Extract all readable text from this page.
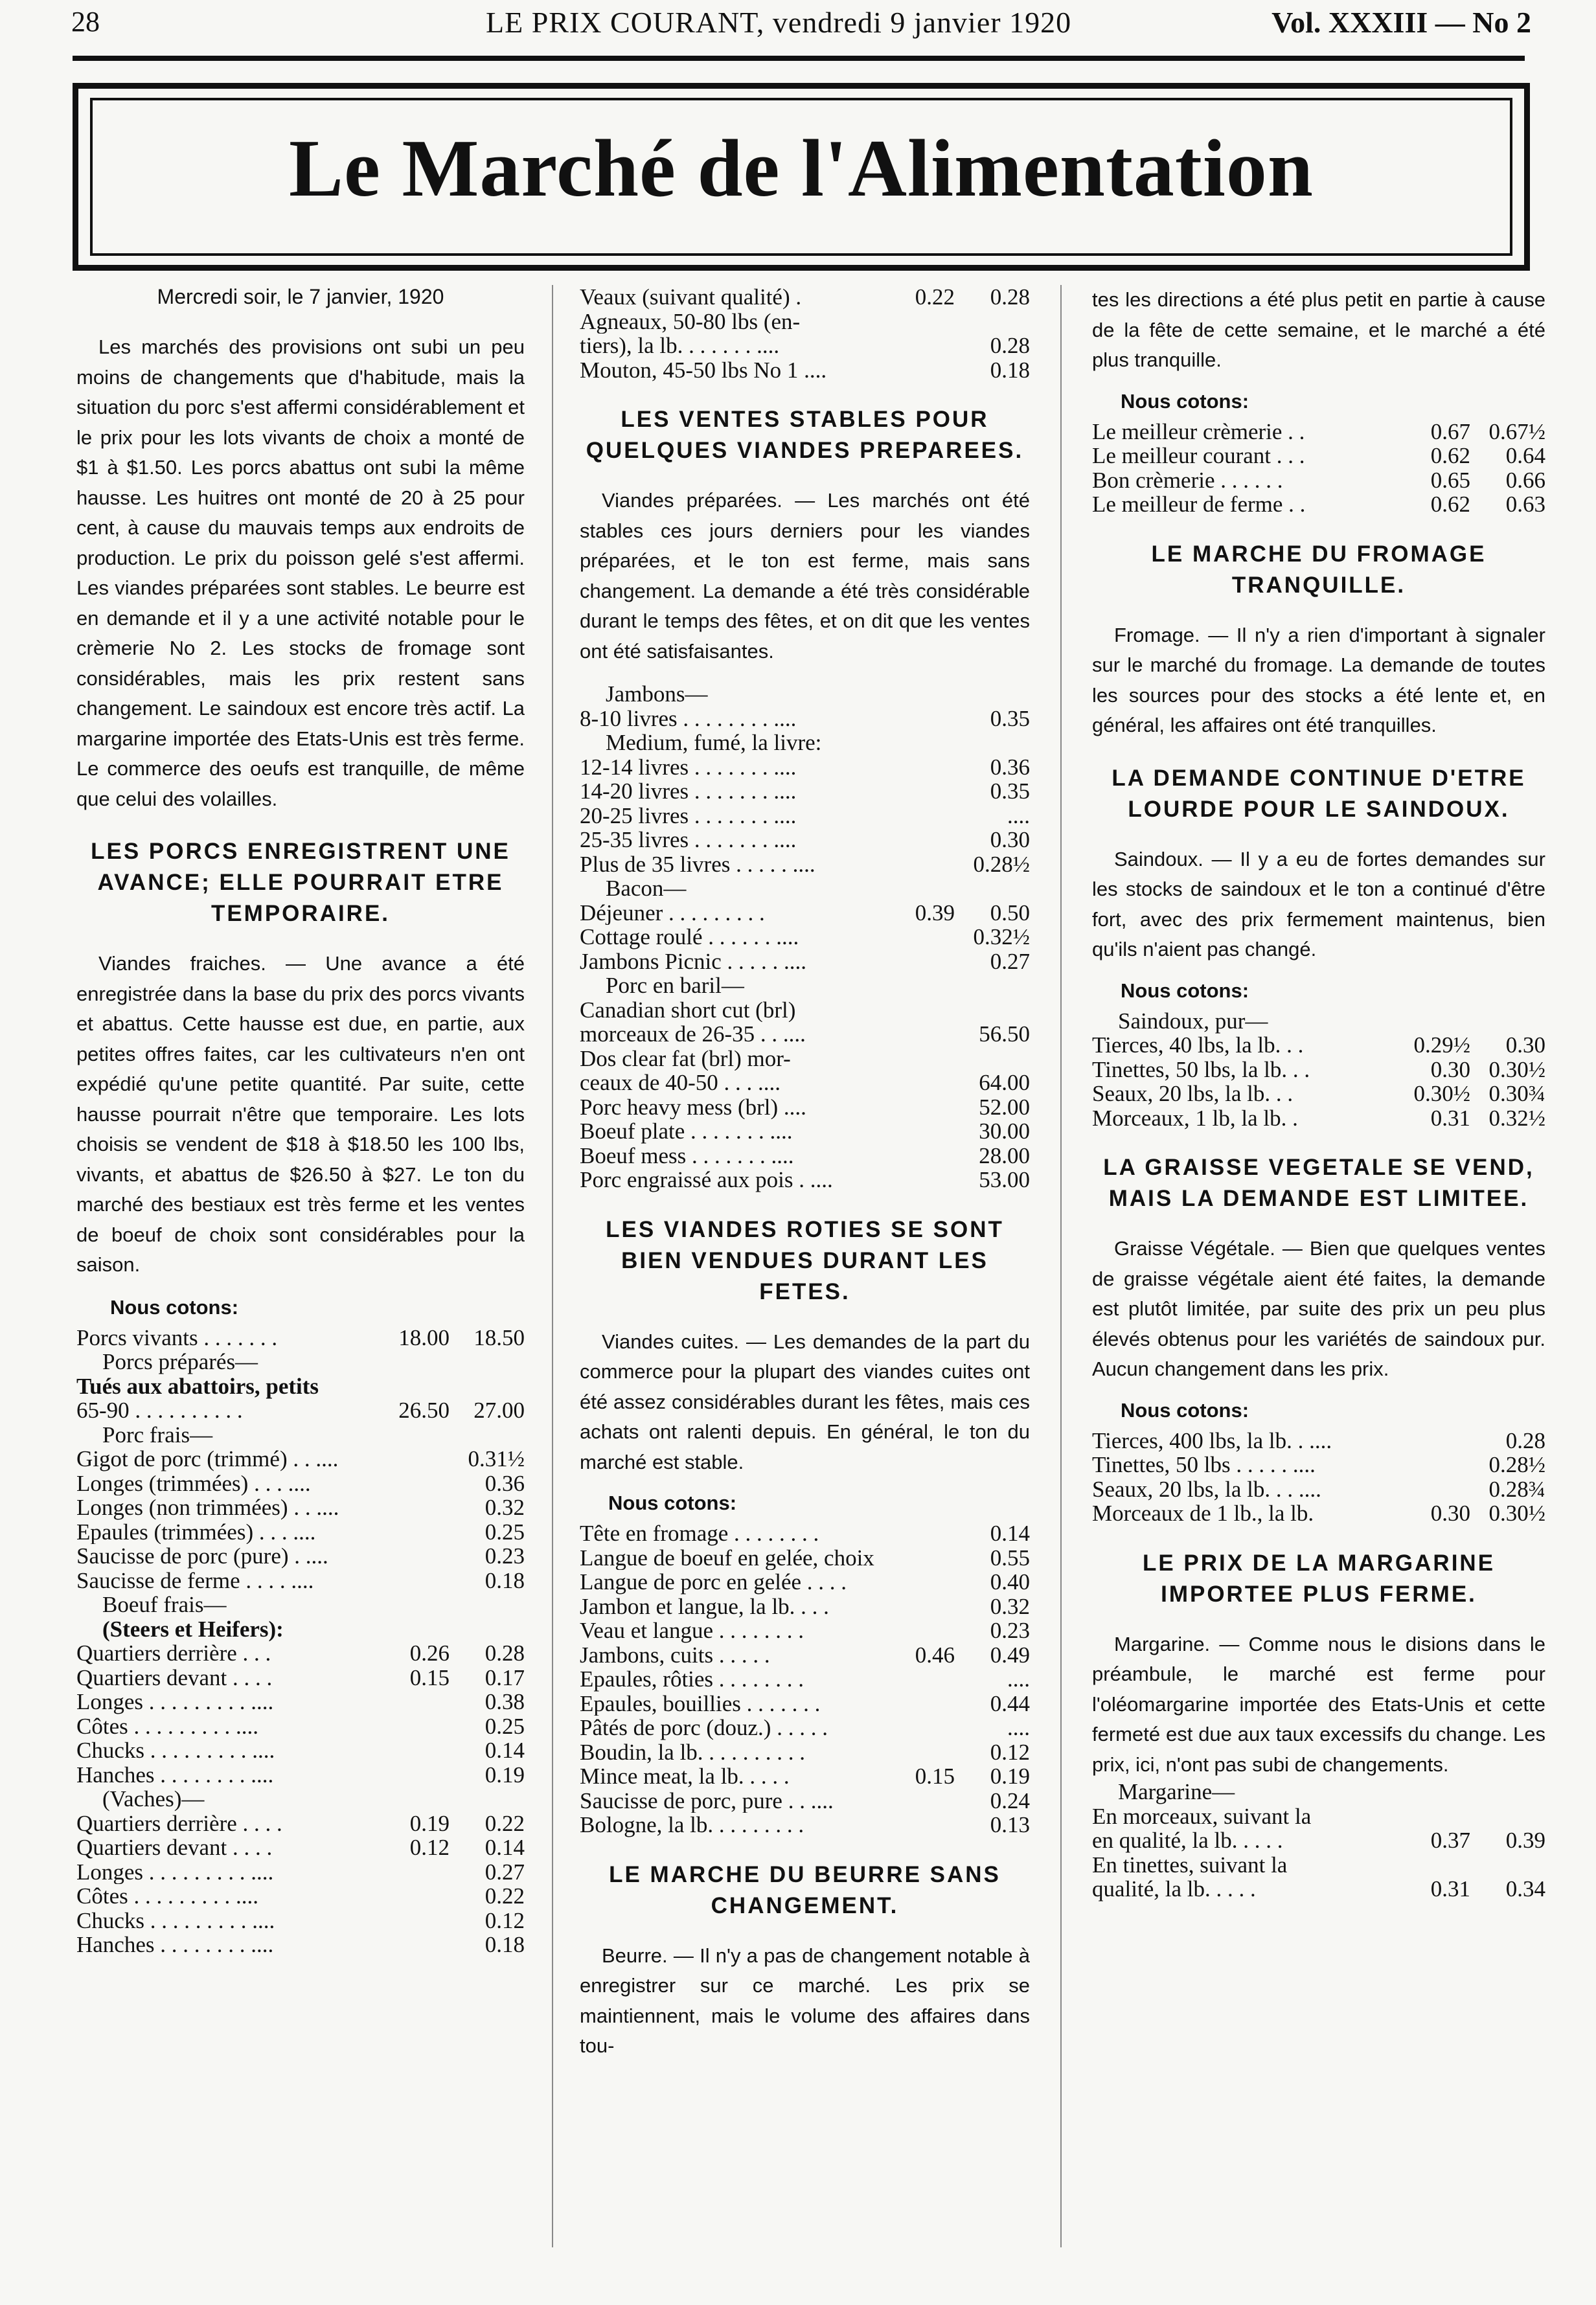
28	LE PRIX COURANT, vendredi 9 janvier 1920	Vol. XXXIII — No 2
Le Marché de l'Alimentation

Mercredi soir, le 7 janvier, 1920

Les marchés des provisions ont subi un peu moins de changements que d'habitude, mais la situation du porc s'est affermi considérablement et le prix pour les lots vivants de choix a monté de $1 à $1.50. Les porcs abattus ont subi la même hausse. Les huitres ont monté de 20 à 25 pour cent, à cause du mauvais temps aux endroits de production. Le prix du poisson gelé s'est affermi. Les viandes préparées sont stables. Le beurre est en demande et il y a une activité notable pour le crèmerie No 2. Les stocks de fromage sont considérables, mais les prix restent sans changement. Le saindoux est encore très actif. La margarine importée des Etats-Unis est très ferme. Le commerce des oeufs est tranquille, de même que celui des volailles.

LES PORCS ENREGISTRENT UNE AVANCE; ELLE POURRAIT ETRE TEMPORAIRE.

Viandes fraiches. — Une avance a été enregistrée dans la base du prix des porcs vivants et abattus. Cette hausse est due, en partie, aux petites offres faites, car les cultivateurs n'en ont expédié qu'une petite quantité. Par suite, cette hausse pourrait n'être que temporaire. Les lots choisis se vendent de $18 à $18.50 les 100 lbs, vivants, et abattus de $26.50 à $27. Le ton du marché des bestiaux est très ferme et les ventes de boeuf de choix sont considérables pour la saison.

Nous cotons:
Porcs vivants . . . . . . .	18.00	18.50
Porcs préparés—
Tués aux abattoirs, petits
65-90 . . . . . . . . . .	26.50	27.00
Porc frais—
Gigot de porc (trimmé) . . ....		0.31½
Longes (trimmées) . . . ....		0.36
Longes (non trimmées) . . ....		0.32
Epaules (trimmées) . . . ....		0.25
Saucisse de porc (pure) . ....		0.23
Saucisse de ferme . . . . ....		0.18
Boeuf frais—
(Steers et Heifers):
Quartiers derrière . . .	0.26	0.28
Quartiers devant . . . .	0.15	0.17
Longes . . . . . . . . . ....		0.38
Côtes . . . . . . . . . ....		0.25
Chucks . . . . . . . . . ....		0.14
Hanches . . . . . . . . ....		0.19
(Vaches)—
Quartiers derrière . . . .	0.19	0.22
Quartiers devant . . . .	0.12	0.14
Longes . . . . . . . . . ....		0.27
Côtes . . . . . . . . . ....		0.22
Chucks . . . . . . . . . ....		0.12
Hanches . . . . . . . . ....		0.18
Veaux (suivant qualité) .	0.22	0.28
Agneaux, 50-80 lbs (en-		
tiers), la lb. . . . . . . ....		0.28
Mouton, 45-50 lbs No 1 ....		0.18
LES VENTES STABLES POUR QUELQUES VIANDES PREPAREES.

Viandes préparées. — Les marchés ont été stables ces jours derniers pour les viandes préparées, et le ton est ferme, mais sans changement. La demande a été très considérable durant le temps des fêtes, et on dit que les ventes ont été satisfaisantes.

Jambons—
8-10 livres . . . . . . . . ....		0.35
Medium, fumé, la livre:
12-14 livres . . . . . . . ....		0.36
14-20 livres . . . . . . . ....		0.35
20-25 livres . . . . . . . ....		....
25-35 livres . . . . . . . ....		0.30
Plus de 35 livres . . . . . ....		0.28½
Bacon—
Déjeuner . . . . . . . . .	0.39	0.50
Cottage roulé . . . . . . ....		0.32½
Jambons Picnic . . . . . ....		0.27
Porc en baril—
Canadian short cut (brl)		
morceaux de 26-35 . . ....		56.50
Dos clear fat (brl) mor-		
ceaux de 40-50 . . . ....		64.00
Porc heavy mess (brl) ....		52.00
Boeuf plate . . . . . . . ....		30.00
Boeuf mess . . . . . . . ....		28.00
Porc engraissé aux pois . ....		53.00
LES VIANDES ROTIES SE SONT BIEN VENDUES DURANT LES FETES.

Viandes cuites. — Les demandes de la part du commerce pour la plupart des viandes cuites ont été assez considérables durant les fêtes, mais ces achats ont ralenti depuis. En général, le ton du marché est stable.

Nous cotons:
Tête en fromage . . . . . . . .		0.14
Langue de boeuf en gelée, choix		0.55
Langue de porc en gelée . . . .		0.40
Jambon et langue, la lb. . . .		0.32
Veau et langue . . . . . . . .		0.23
Jambons, cuits . . . . .	0.46	0.49
Epaules, rôties . . . . . . . .		....
Epaules, bouillies . . . . . . .		0.44
Pâtés de porc (douz.) . . . . .		....
Boudin, la lb. . . . . . . . . .		0.12
Mince meat, la lb. . . . .	0.15	0.19
Saucisse de porc, pure . . ....		0.24
Bologne, la lb. . . . . . . . .		0.13
LE MARCHE DU BEURRE SANS CHANGEMENT.

Beurre. — Il n'y a pas de changement notable à enregistrer sur ce marché. Les prix se maintiennent, mais le volume des affaires dans tou-

tes les directions a été plus petit en partie à cause de la fête de cette semaine, et le marché a été plus tranquille.

Nous cotons:
Le meilleur crèmerie . .	0.67	0.67½
Le meilleur courant . . .	0.62	0.64
Bon crèmerie . . . . . .	0.65	0.66
Le meilleur de ferme . .	0.62	0.63
LE MARCHE DU FROMAGE TRANQUILLE.

Fromage. — Il n'y a rien d'important à signaler sur le marché du fromage. La demande de toutes les sources pour des stocks a été lente et, en général, les affaires ont été tranquilles.

LA DEMANDE CONTINUE D'ETRE LOURDE POUR LE SAINDOUX.

Saindoux. — Il y a eu de fortes demandes sur les stocks de saindoux et le ton a continué d'être fort, avec des prix fermement maintenus, bien qu'ils n'aient pas changé.

Nous cotons:
Saindoux, pur—
Tierces, 40 lbs, la lb. . .	0.29½	0.30
Tinettes, 50 lbs, la lb. . .	0.30	0.30½
Seaux, 20 lbs, la lb. . .	0.30½	0.30¾
Morceaux, 1 lb, la lb. .	0.31	0.32½
LA GRAISSE VEGETALE SE VEND, MAIS LA DEMANDE EST LIMITEE.

Graisse Végétale. — Bien que quelques ventes de graisse végétale aient été faites, la demande est plutôt limitée, par suite des prix un peu plus élevés obtenus pour les variétés de saindoux pur. Aucun changement dans les prix.

Nous cotons:
Tierces, 400 lbs, la lb. . ....		0.28
Tinettes, 50 lbs . . . . . ....		0.28½
Seaux, 20 lbs, la lb. . . ....		0.28¾
Morceaux de 1 lb., la lb.	0.30	0.30½
LE PRIX DE LA MARGARINE IMPORTEE PLUS FERME.

Margarine. — Comme nous le disions dans le préambule, le marché est ferme pour l'oléomargarine importée des Etats-Unis et cette fermeté est due aux taux excessifs du change. Les prix, ici, n'ont pas subi de changements.

Margarine—
En morceaux, suivant la		
en qualité, la lb. . . . .	0.37	0.39
En tinettes, suivant la		
qualité, la lb. . . . .	0.31	0.34
